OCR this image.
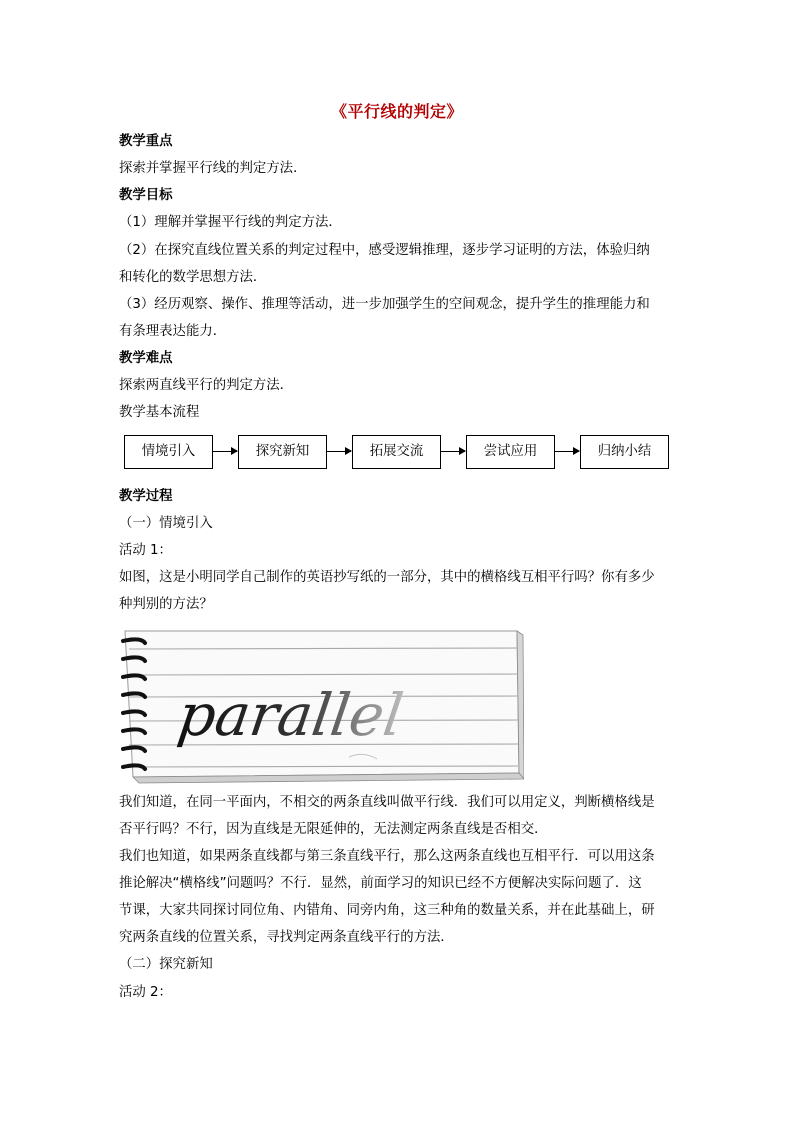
《平行线的判定》
教学重点
探索并掌握平行线的判定方法．
教学目标
（1）理解并掌握平行线的判定方法．
（2）在探究直线位置关系的判定过程中，感受逻辑推理，逐步学习证明的方法，体验归纳
和转化的数学思想方法．
（3）经历观察、操作、推理等活动，进一步加强学生的空间观念，提升学生的推理能力和
有条理表达能力．
教学难点
探索两直线平行的判定方法．
教学基本流程
情境引入	探究新知	拓展交流	尝试应用	归纳小结
教学过程
（一）情境引入
活动 1：
如图，这是小明同学自己制作的英语抄写纸的一部分，其中的横格线互相平行吗？你有多少
种判别的方法？
parallel
我们知道，在同一平面内，不相交的两条直线叫做平行线．我们可以用定义，判断横格线是
否平行吗？不行，因为直线是无限延伸的，无法测定两条直线是否相交．
我们也知道，如果两条直线都与第三条直线平行，那么这两条直线也互相平行．可以用这条
推论解决“横格线”问题吗？不行．显然，前面学习的知识已经不方便解决实际问题了．这
节课，大家共同探讨同位角、内错角、同旁内角，这三种角的数量关系，并在此基础上，研
究两条直线的位置关系，寻找判定两条直线平行的方法．
（二）探究新知
活动 2：
